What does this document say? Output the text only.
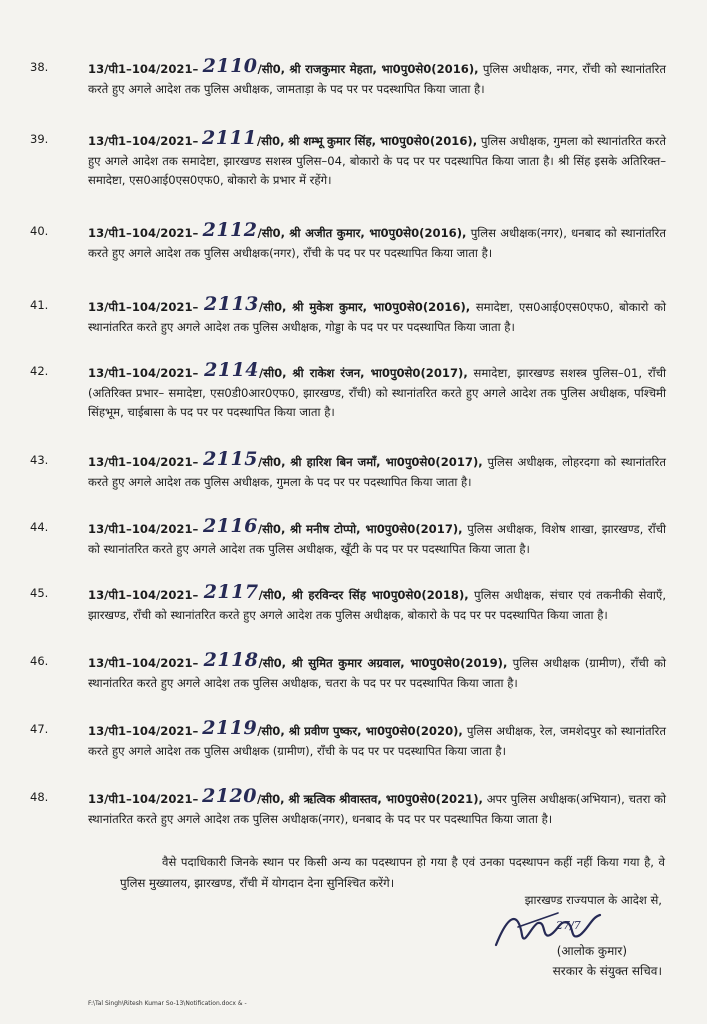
38.	13/पी1–104/2021– 2110/सी0, श्री राजकुमार मेहता, भा0पु0से0(2016), पुलिस अधीक्षक, नगर, राँची को स्थानांतरित करते हुए अगले आदेश तक पुलिस अधीक्षक, जामताड़ा के पद पर पर पदस्थापित किया जाता है।

39.	13/पी1–104/2021– 2111/सी0, श्री शम्भू कुमार सिंह, भा0पु0से0(2016), पुलिस अधीक्षक, गुमला को स्थानांतरित करते हुए अगले आदेश तक समादेष्टा, झारखण्ड सशस्त्र पुलिस–04, बोकारो के पद पर पर पदस्थापित किया जाता है। श्री सिंह इसके अतिरिक्त–समादेष्टा, एस0आई0एस0एफ0, बोकारो के प्रभार में रहेंगे।

40.	13/पी1–104/2021– 2112/सी0, श्री अजीत कुमार, भा0पु0से0(2016), पुलिस अधीक्षक(नगर), धनबाद को स्थानांतरित करते हुए अगले आदेश तक पुलिस अधीक्षक(नगर), राँची के पद पर पर पदस्थापित किया जाता है।

41.	13/पी1–104/2021– 2113/सी0, श्री मुकेश कुमार, भा0पु0से0(2016), समादेष्टा, एस0आई0एस0एफ0, बोकारो को स्थानांतरित करते हुए अगले आदेश तक पुलिस अधीक्षक, गोड्डा के पद पर पर पदस्थापित किया जाता है।

42.	13/पी1–104/2021– 2114/सी0, श्री राकेश रंजन, भा0पु0से0(2017), समादेष्टा, झारखण्ड सशस्त्र पुलिस–01, राँची (अतिरिक्त प्रभार– समादेष्टा, एस0डी0आर0एफ0, झारखण्ड, राँची) को स्थानांतरित करते हुए अगले आदेश तक पुलिस अधीक्षक, पश्चिमी सिंहभूम, चाईबासा के पद पर पर पदस्थापित किया जाता है।

43.	13/पी1–104/2021– 2115/सी0, श्री हारिश बिन जमाँ, भा0पु0से0(2017), पुलिस अधीक्षक, लोहरदगा को स्थानांतरित करते हुए अगले आदेश तक पुलिस अधीक्षक, गुमला के पद पर पर पदस्थापित किया जाता है।

44.	13/पी1–104/2021– 2116/सी0, श्री मनीष टोप्पो, भा0पु0से0(2017), पुलिस अधीक्षक, विशेष शाखा, झारखण्ड, राँची को स्थानांतरित करते हुए अगले आदेश तक पुलिस अधीक्षक, खूँटी के पद पर पर पदस्थापित किया जाता है।

45.	13/पी1–104/2021– 2117/सी0, श्री हरविन्दर सिंह भा0पु0से0(2018), पुलिस अधीक्षक, संचार एवं तकनीकी सेवाएँ, झारखण्ड, राँची को स्थानांतरित करते हुए अगले आदेश तक पुलिस अधीक्षक, बोकारो के पद पर पर पदस्थापित किया जाता है।

46.	13/पी1–104/2021– 2118/सी0, श्री सुमित कुमार अग्रवाल, भा0पु0से0(2019), पुलिस अधीक्षक (ग्रामीण), राँची को स्थानांतरित करते हुए अगले आदेश तक पुलिस अधीक्षक, चतरा के पद पर पर पदस्थापित किया जाता है।

47.	13/पी1–104/2021– 2119/सी0, श्री प्रवीण पुष्कर, भा0पु0से0(2020), पुलिस अधीक्षक, रेल, जमशेदपुर को स्थानांतरित करते हुए अगले आदेश तक पुलिस अधीक्षक (ग्रामीण), राँची के पद पर पर पदस्थापित किया जाता है।

48.	13/पी1–104/2021– 2120/सी0, श्री ऋत्विक श्रीवास्तव, भा0पु0से0(2021), अपर पुलिस अधीक्षक(अभियान), चतरा को स्थानांतरित करते हुए अगले आदेश तक पुलिस अधीक्षक(नगर), धनबाद के पद पर पर पदस्थापित किया जाता है।

वैसे पदाधिकारी जिनके स्थान पर किसी अन्य का पदस्थापन हो गया है एवं उनका पदस्थापन कहीं नहीं किया गया है, वे पुलिस मुख्यालय, झारखण्ड, राँची में योगदान देना सुनिश्चित करेंगे।

झारखण्ड राज्यपाल के आदेश से,
27/7
(आलोक कुमार)
सरकार के संयुक्त सचिव।
F:\Tal Singh\Ritesh Kumar So-13\Notification.docx & -
